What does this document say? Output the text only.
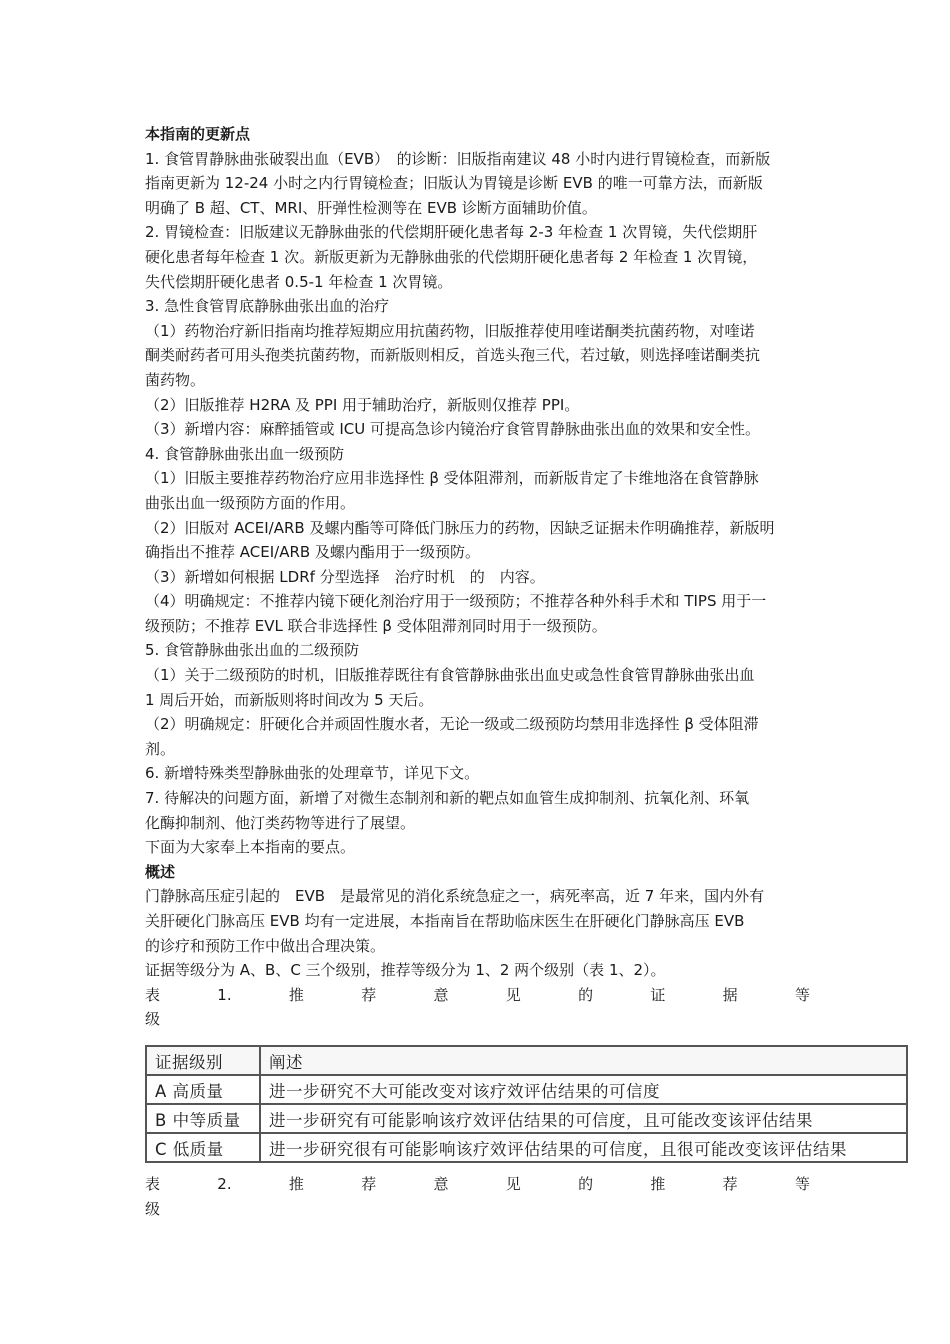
本指南的更新点
1. 食管胃静脉曲张破裂出血（EVB）　的诊断：旧版指南建议 48 小时内进行胃镜检查，而新版
指南更新为 12-24 小时之内行胃镜检查；旧版认为胃镜是诊断 EVB 的唯一可靠方法，而新版
明确了 B 超、CT、MRI、肝弹性检测等在 EVB 诊断方面辅助价值。
2. 胃镜检查：旧版建议无静脉曲张的代偿期肝硬化患者每 2-3 年检查 1 次胃镜，失代偿期肝
硬化患者每年检查 1 次。新版更新为无静脉曲张的代偿期肝硬化患者每 2 年检查 1 次胃镜，
失代偿期肝硬化患者 0.5-1 年检查 1 次胃镜。
3. 急性食管胃底静脉曲张出血的治疗
（1）药物治疗新旧指南均推荐短期应用抗菌药物，旧版推荐使用喹诺酮类抗菌药物，对喹诺
酮类耐药者可用头孢类抗菌药物，而新版则相反，首选头孢三代，若过敏，则选择喹诺酮类抗
菌药物。
（2）旧版推荐 H2RA 及 PPI 用于辅助治疗，新版则仅推荐 PPI。
（3）新增内容：麻醉插管或 ICU 可提高急诊内镜治疗食管胃静脉曲张出血的效果和安全性。
4. 食管静脉曲张出血一级预防
（1）旧版主要推荐药物治疗应用非选择性 β 受体阻滞剂，而新版肯定了卡维地洛在食管静脉
曲张出血一级预防方面的作用。
（2）旧版对 ACEI/ARB 及螺内酯等可降低门脉压力的药物，因缺乏证据未作明确推荐，新版明
确指出不推荐 ACEI/ARB 及螺内酯用于一级预防。
（3）新增如何根据 LDRf 分型选择　治疗时机　的　内容。
（4）明确规定：不推荐内镜下硬化剂治疗用于一级预防；不推荐各种外科手术和 TIPS 用于一
级预防；不推荐 EVL 联合非选择性 β 受体阻滞剂同时用于一级预防。
5. 食管静脉曲张出血的二级预防
（1）关于二级预防的时机，旧版推荐既往有食管静脉曲张出血史或急性食管胃静脉曲张出血
1 周后开始，而新版则将时间改为 5 天后。
（2）明确规定：肝硬化合并顽固性腹水者，无论一级或二级预防均禁用非选择性 β 受体阻滞
剂。
6. 新增特殊类型静脉曲张的处理章节，详见下文。
7. 待解决的问题方面，新增了对微生态制剂和新的靶点如血管生成抑制剂、抗氧化剂、环氧
化酶抑制剂、他汀类药物等进行了展望。
下面为大家奉上本指南的要点。
概述
门静脉高压症引起的　EVB　是最常见的消化系统急症之一，病死率高，近 7 年来，国内外有
关肝硬化门脉高压 EVB 均有一定进展，本指南旨在帮助临床医生在肝硬化门静脉高压 EVB
的诊疗和预防工作中做出合理决策。
证据等级分为 A、B、C 三个级别，推荐等级分为 1、2 两个级别（表 1、2）。
表	1.	推	荐	意	见	的	证	据	等
级
证据级别	阐述
A 高质量	进一步研究不大可能改变对该疗效评估结果的可信度
B 中等质量	进一步研究有可能影响该疗效评估结果的可信度，且可能改变该评估结果
C 低质量	进一步研究很有可能影响该疗效评估结果的可信度，且很可能改变该评估结果
表	2.	推	荐	意	见	的	推	荐	等
级
